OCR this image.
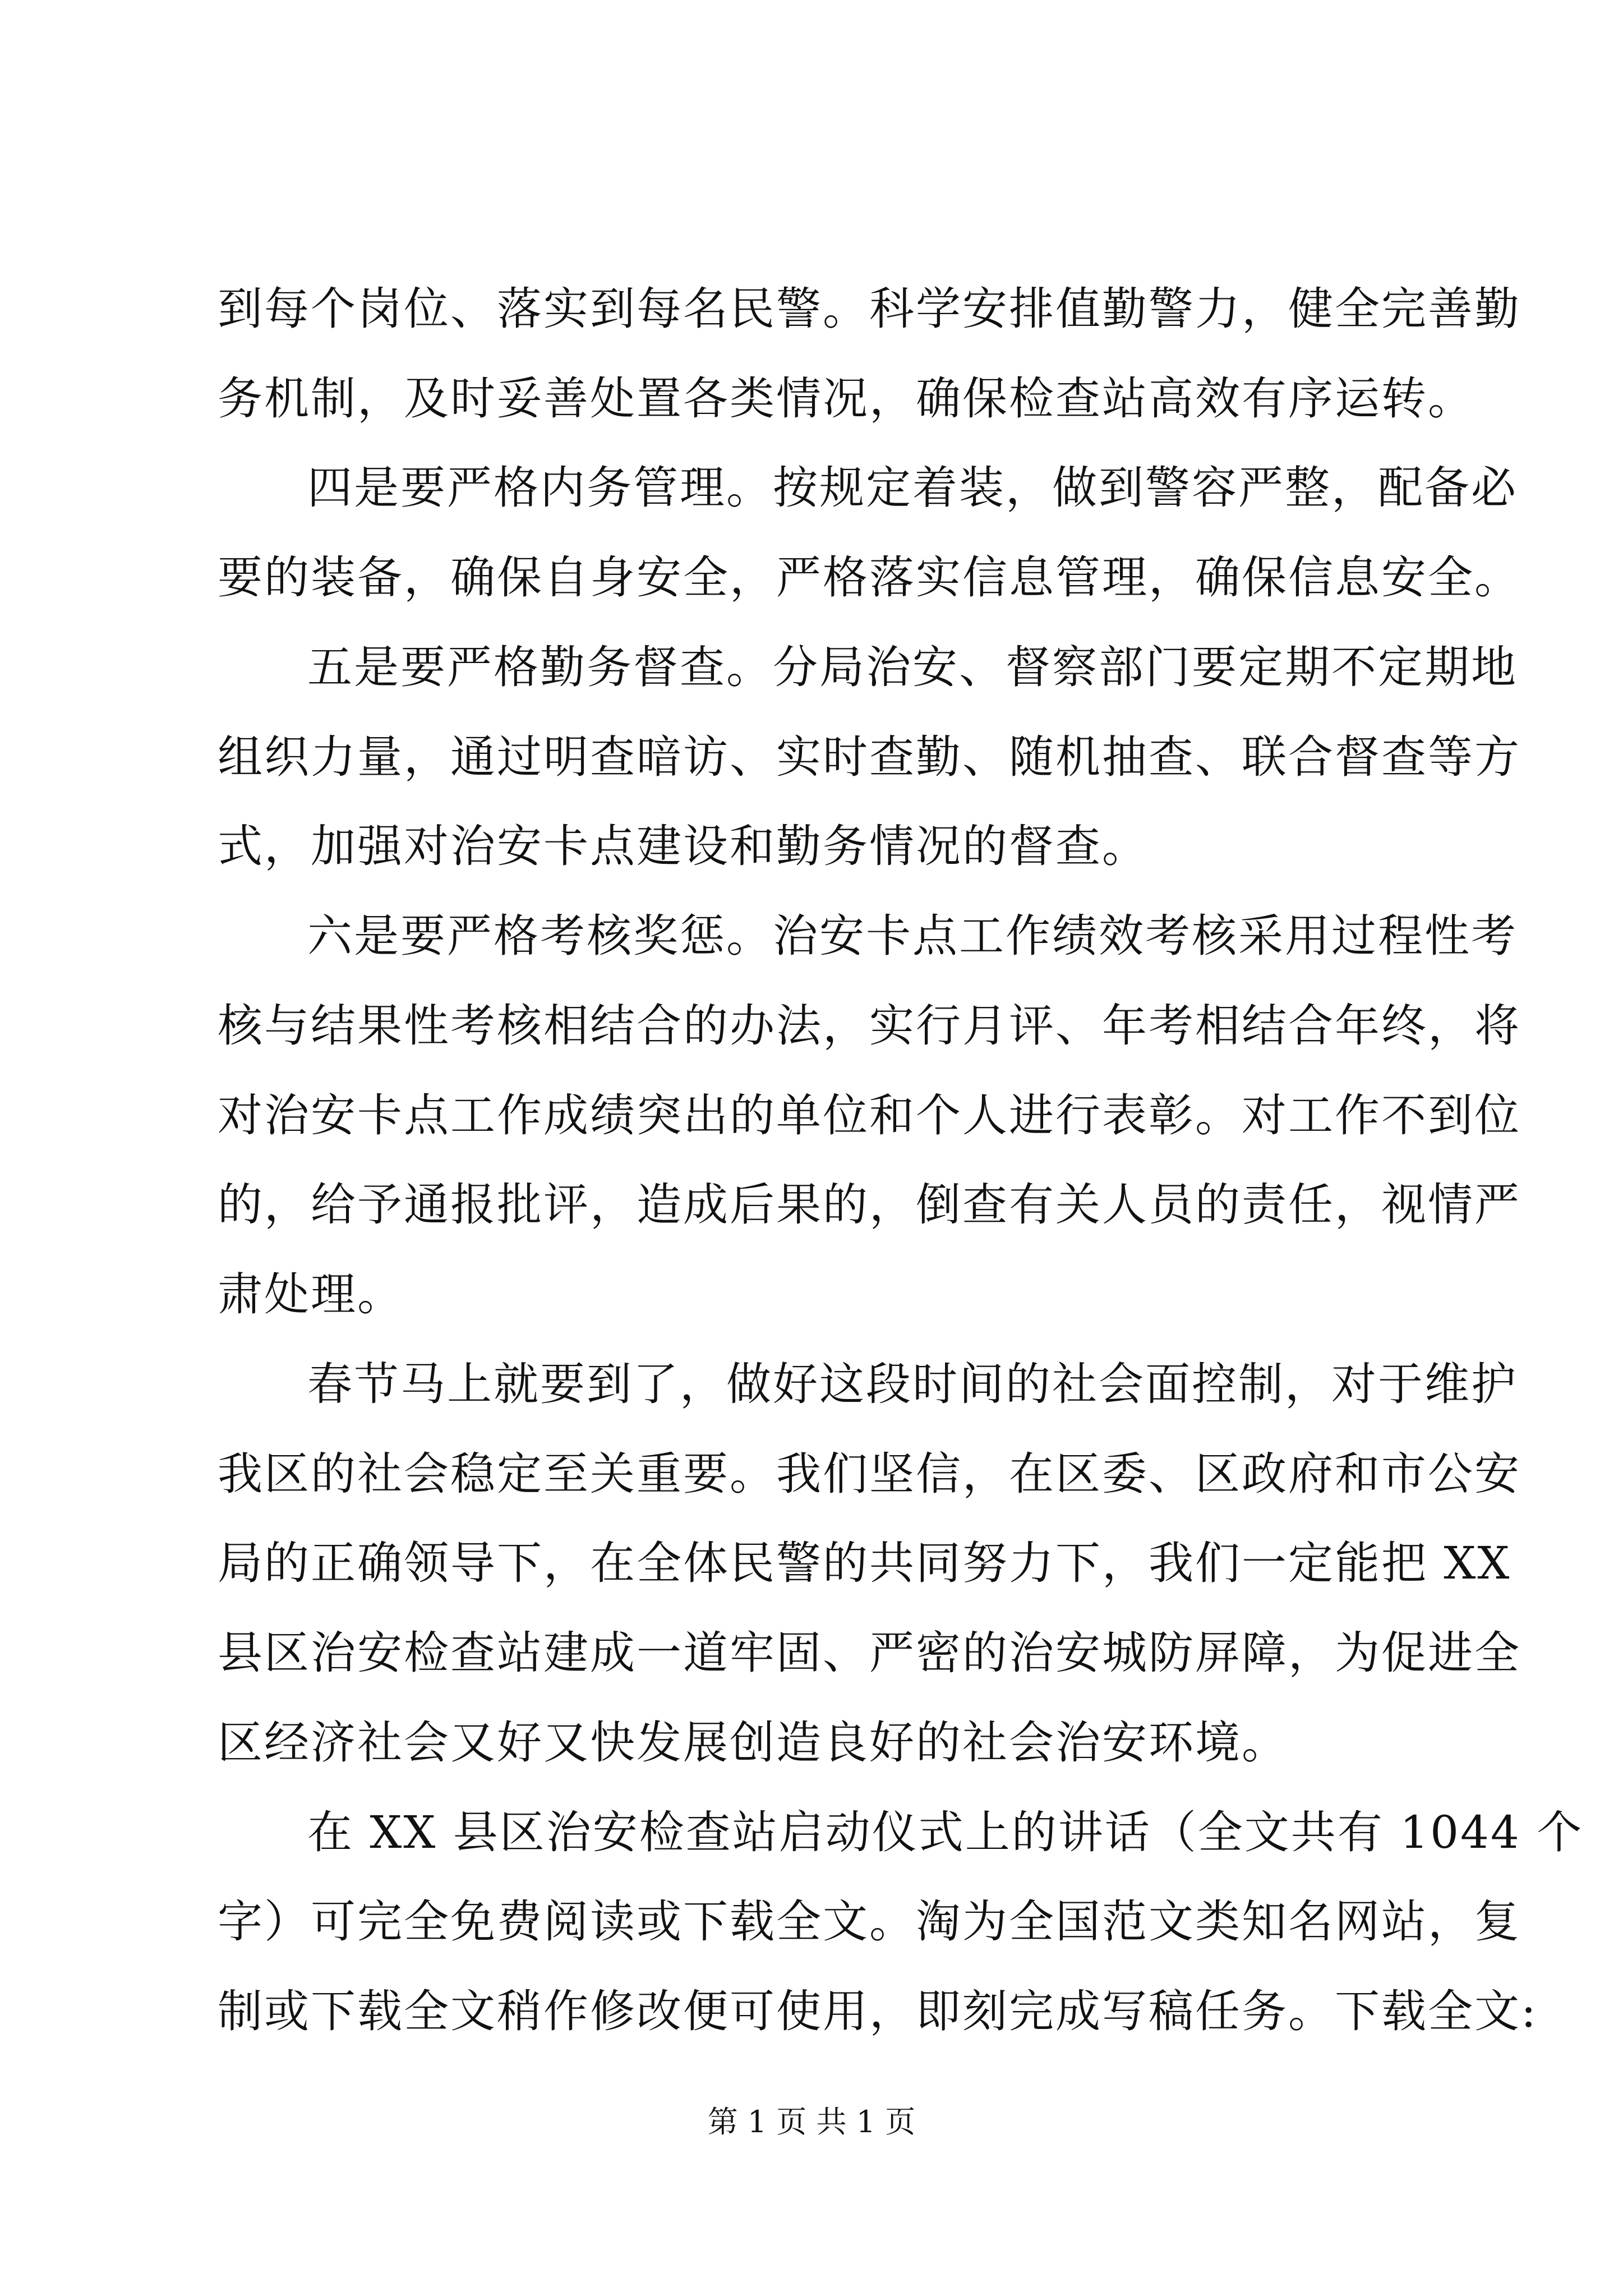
到每个岗位、落实到每名民警。科学安排值勤警力，健全完善勤
务机制，及时妥善处置各类情况，确保检查站高效有序运转。
四是要严格内务管理。按规定着装，做到警容严整，配备必
要的装备，确保自身安全，严格落实信息管理，确保信息安全。
五是要严格勤务督查。分局治安、督察部门要定期不定期地
组织力量，通过明查暗访、实时查勤、随机抽查、联合督查等方
式，加强对治安卡点建设和勤务情况的督查。
六是要严格考核奖惩。治安卡点工作绩效考核采用过程性考
核与结果性考核相结合的办法，实行月评、年考相结合年终，将
对治安卡点工作成绩突出的单位和个人进行表彰。对工作不到位
的，给予通报批评，造成后果的，倒查有关人员的责任，视情严
肃处理。
春节马上就要到了，做好这段时间的社会面控制，对于维护
我区的社会稳定至关重要。我们坚信，在区委、区政府和市公安
局的正确领导下，在全体民警的共同努力下，我们一定能把 XX
县区治安检查站建成一道牢固、严密的治安城防屏障，为促进全
区经济社会又好又快发展创造良好的社会治安环境。
在 XX 县区治安检查站启动仪式上的讲话（全文共有 1044 个
字）可完全免费阅读或下载全文。淘为全国范文类知名网站，复
制或下载全文稍作修改便可使用，即刻完成写稿任务。下载全文:
第 1 页 共 1 页
